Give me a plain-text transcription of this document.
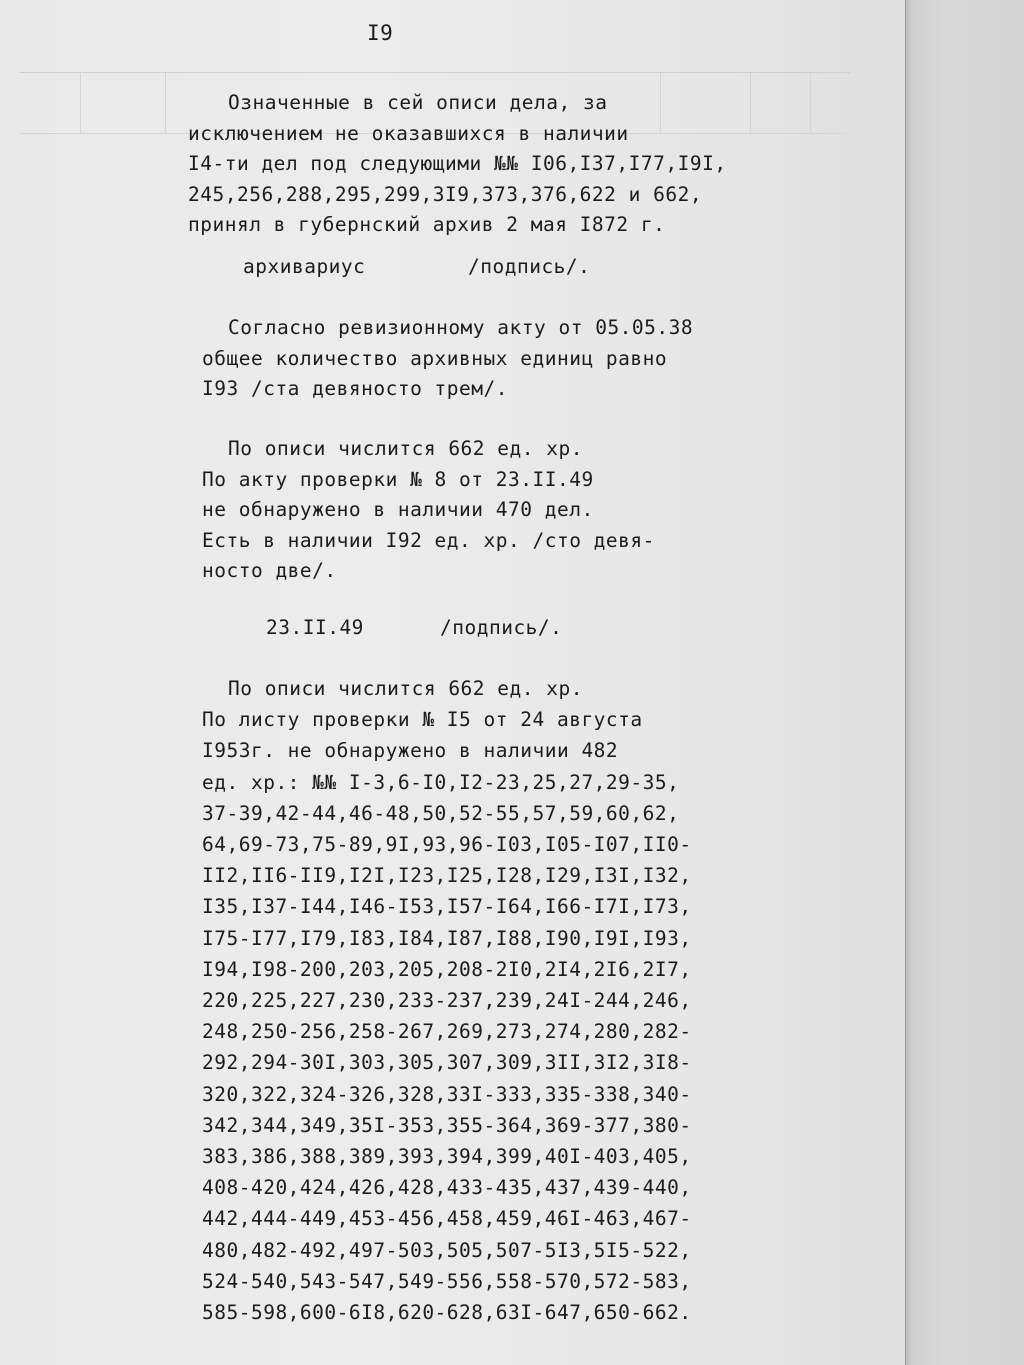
I9
Означенные в сей описи дела, за
исключением не оказавшихся в наличии
I4-ти дел под следующими №№ I06,I37,I77,I9I,
245,256,288,295,299,3I9,373,376,622 и 662,
принял в губернский архив 2 мая I872 г.
архивариус	/подпись/.
Согласно ревизионному акту от 05.05.38
общее количество архивных единиц равно
I93 /ста девяносто трем/.
По описи числится 662 ед. хр.
По акту проверки № 8 от 23.II.49
не обнаружено в наличии 470 дел.
Есть в наличии I92 ед. хр. /сто девя-
носто две/.
23.II.49	/подпись/.
По описи числится 662 ед. хр.
По листу проверки № I5 от 24 августа
I953г. не обнаружено в наличии 482
ед. хр.: №№ I-3,6-I0,I2-23,25,27,29-35,
37-39,42-44,46-48,50,52-55,57,59,60,62,
64,69-73,75-89,9I,93,96-I03,I05-I07,II0-
II2,II6-II9,I2I,I23,I25,I28,I29,I3I,I32,
I35,I37-I44,I46-I53,I57-I64,I66-I7I,I73,
I75-I77,I79,I83,I84,I87,I88,I90,I9I,I93,
I94,I98-200,203,205,208-2I0,2I4,2I6,2I7,
220,225,227,230,233-237,239,24I-244,246,
248,250-256,258-267,269,273,274,280,282-
292,294-30I,303,305,307,309,3II,3I2,3I8-
320,322,324-326,328,33I-333,335-338,340-
342,344,349,35I-353,355-364,369-377,380-
383,386,388,389,393,394,399,40I-403,405,
408-420,424,426,428,433-435,437,439-440,
442,444-449,453-456,458,459,46I-463,467-
480,482-492,497-503,505,507-5I3,5I5-522,
524-540,543-547,549-556,558-570,572-583,
585-598,600-6I8,620-628,63I-647,650-662.
